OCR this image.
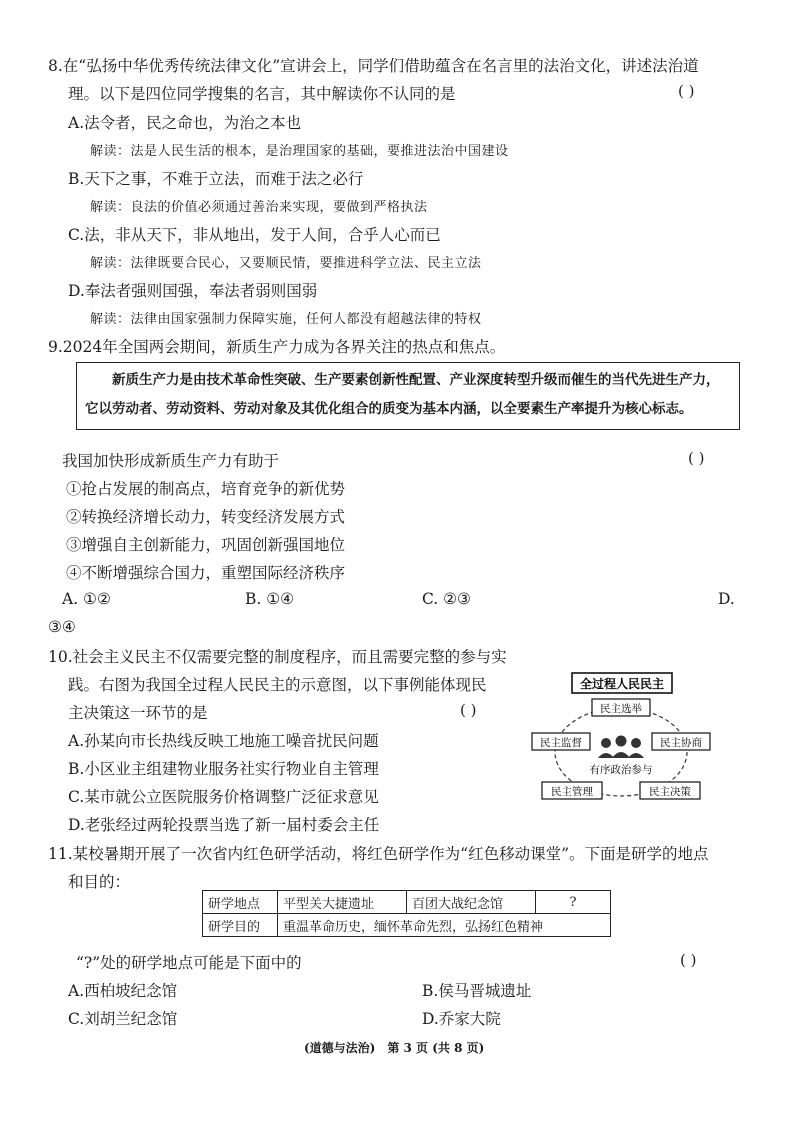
8.在“弘扬中华优秀传统法律文化”宣讲会上，同学们借助蕴含在名言里的法治文化，讲述法治道
理。以下是四位同学搜集的名言，其中解读你不认同的是	( )
A.法令者，民之命也，为治之本也
解读：法是人民生活的根本，是治理国家的基础，要推进法治中国建设
B.天下之事，不难于立法，而难于法之必行
解读：良法的价值必须通过善治来实现，要做到严格执法
C.法，非从天下，非从地出，发于人间，合乎人心而已
解读：法律既要合民心，又要顺民情，要推进科学立法、民主立法
D.奉法者强则国强，奉法者弱则国弱
解读：法律由国家强制力保障实施，任何人都没有超越法律的特权
9.2024年全国两会期间，新质生产力成为各界关注的热点和焦点。
新质生产力是由技术革命性突破、生产要素创新性配置、产业深度转型升级而催生的当代先进生产力，它以劳动者、劳动资料、劳动对象及其优化组合的质变为基本内涵，以全要素生产率提升为核心标志。
我国加快形成新质生产力有助于	( )
①抢占发展的制高点，培育竞争的新优势
②转换经济增长动力，转变经济发展方式
③增强自主创新能力，巩固创新强国地位
④不断增强综合国力，重塑国际经济秩序
A. ①②	B. ①④	C. ②③	D.
③④
10.社会主义民主不仅需要完整的制度程序，而且需要完整的参与实
践。右图为我国全过程人民民主的示意图，以下事例能体现民
主决策这一环节的是	( )
A.孙某向市长热线反映工地施工噪音扰民问题
B.小区业主组建物业服务社实行物业自主管理
C.某市就公立医院服务价格调整广泛征求意见
D.老张经过两轮投票当选了新一届村委会主任
全过程人民民主
有序政治参与
民主选举
民主协商
民主决策
民主管理
民主监督
11.某校暑期开展了一次省内红色研学活动，将红色研学作为“红色移动课堂”。下面是研学的地点
和目的：
研学地点	平型关大捷遗址	百团大战纪念馆	?
研学目的	重温革命历史，缅怀革命先烈，弘扬红色精神		
“?”处的研学地点可能是下面中的	( )
A.西柏坡纪念馆	B.侯马晋城遗址
C.刘胡兰纪念馆	D.乔家大院
(道德与法治)　第 3 页 (共 8 页)
